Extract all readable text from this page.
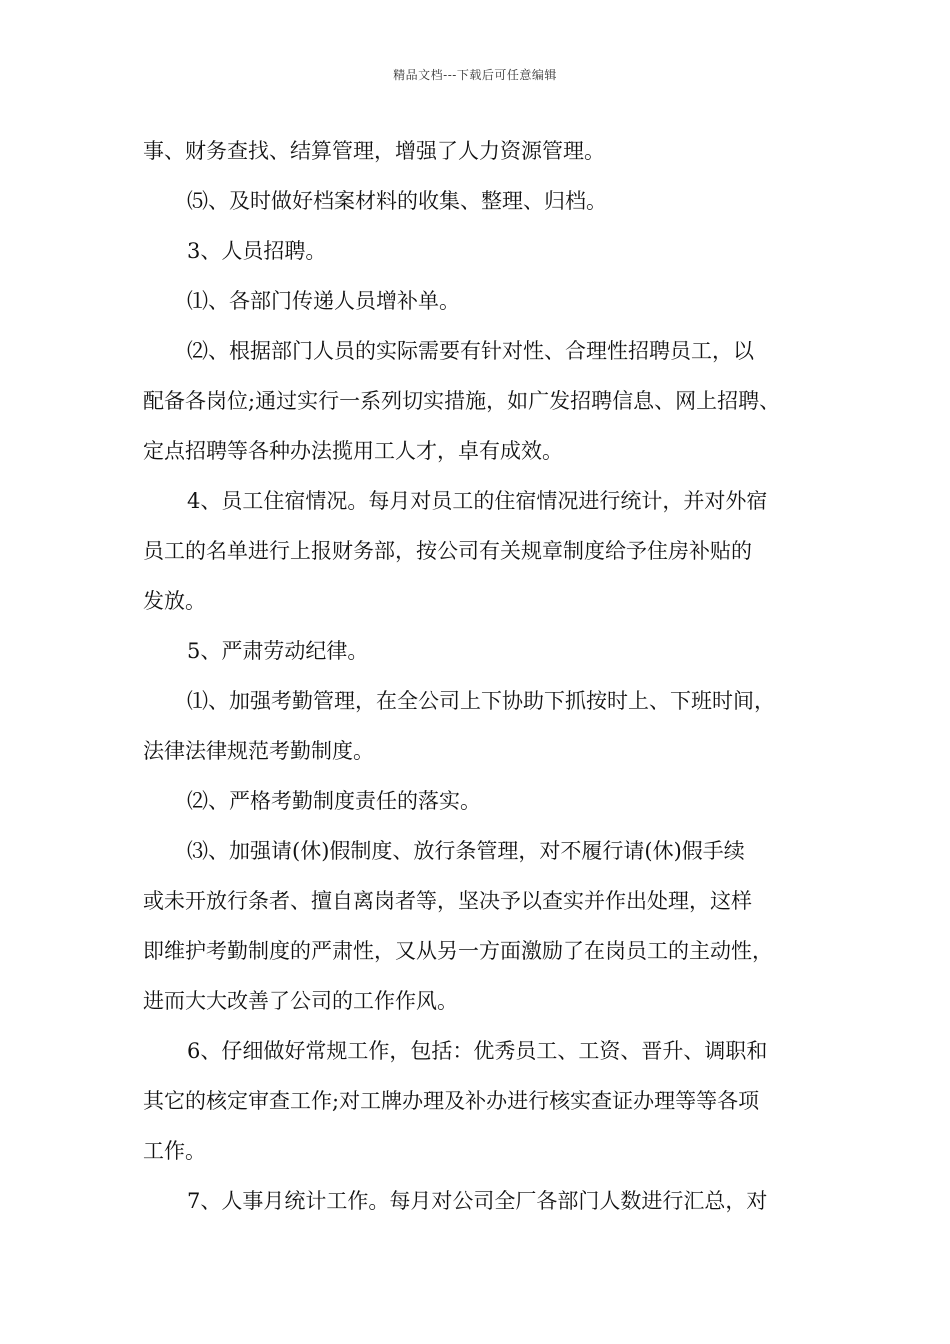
精品文档---下载后可任意编辑
事、财务查找、结算管理，增强了人力资源管理。
⑸、及时做好档案材料的收集、整理、归档。
3、人员招聘。
⑴、各部门传递人员增补单。
⑵、根据部门人员的实际需要有针对性、合理性招聘员工，以
配备各岗位;通过实行一系列切实措施，如广发招聘信息、网上招聘、
定点招聘等各种办法揽用工人才，卓有成效。
4、员工住宿情况。每月对员工的住宿情况进行统计，并对外宿
员工的名单进行上报财务部，按公司有关规章制度给予住房补贴的
发放。
5、严肃劳动纪律。
⑴、加强考勤管理，在全公司上下协助下抓按时上、下班时间，
法律法律规范考勤制度。
⑵、严格考勤制度责任的落实。
⑶、加强请(休)假制度、放行条管理，对不履行请(休)假手续
或未开放行条者、擅自离岗者等，坚决予以查实并作出处理，这样
即维护考勤制度的严肃性，又从另一方面激励了在岗员工的主动性，
进而大大改善了公司的工作作风。
6、仔细做好常规工作，包括：优秀员工、工资、晋升、调职和
其它的核定审查工作;对工牌办理及补办进行核实查证办理等等各项
工作。
7、人事月统计工作。每月对公司全厂各部门人数进行汇总，对
